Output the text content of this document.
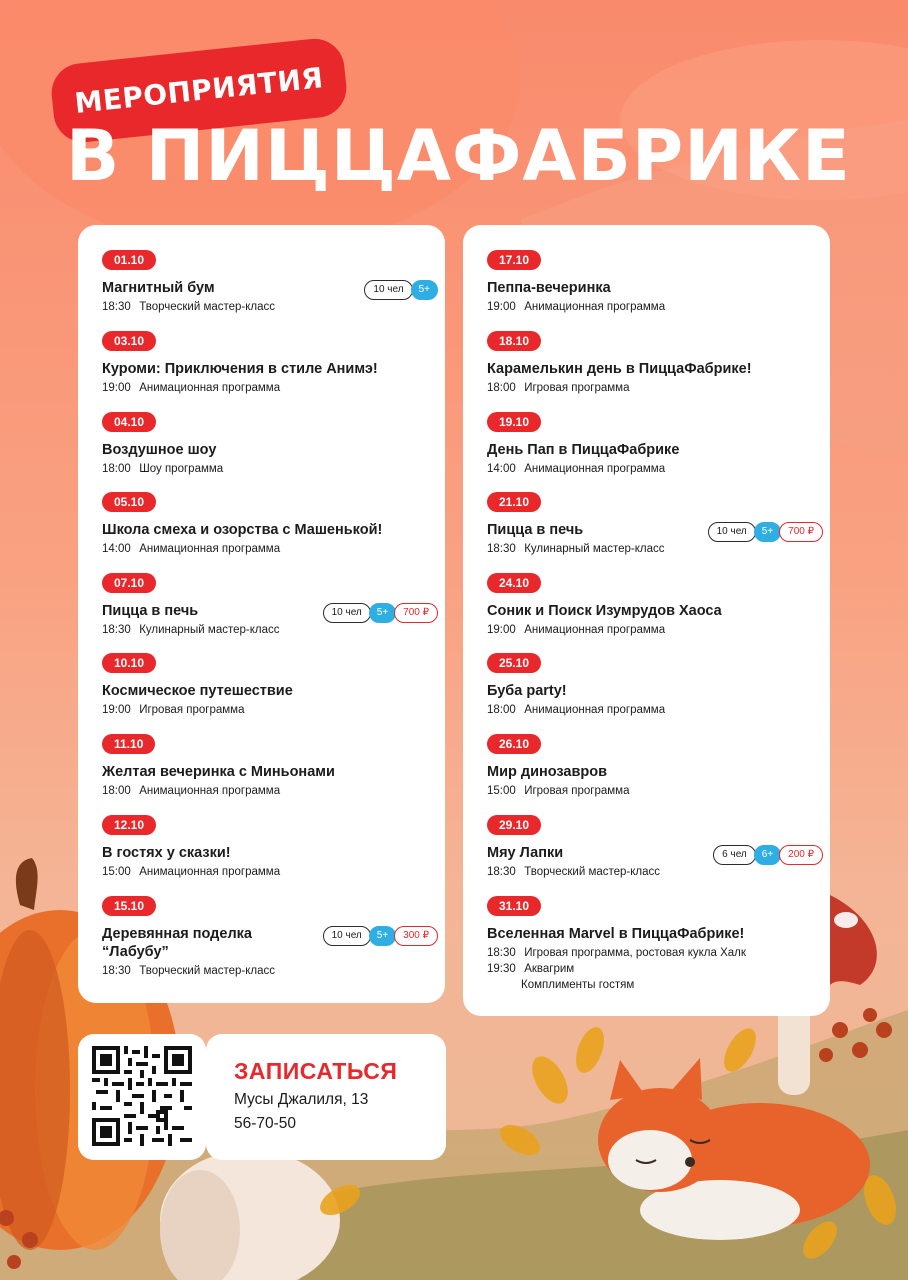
МЕРОПРИЯТИЯ
В ПИЦЦАФАБРИКЕ
01.10
Магнитный бум
18:30 Творческий мастер-класс
10 чел	5+
03.10
Куроми: Приключения в стиле Анимэ!
19:00 Анимационная программа
04.10
Воздушное шоу
18:00 Шоу программа
05.10
Школа смеха и озорства с Машенькой!
14:00 Анимационная программа
07.10
Пицца в печь
18:30 Кулинарный мастер-класс
10 чел	5+	700 ₽
10.10
Космическое путешествие
19:00 Игровая программа
11.10
Желтая вечеринка с Миньонами
18:00 Анимационная программа
12.10
В гостях у сказки!
15:00 Анимационная программа
15.10
Деревянная поделка “Лабубу”
18:30 Творческий мастер-класс
10 чел	5+	300 ₽
17.10
Пеппа-вечеринка
19:00 Анимационная программа
18.10
Карамелькин день в ПиццаФабрике!
18:00 Игровая программа
19.10
День Пап в ПиццаФабрике
14:00 Анимационная программа
21.10
Пицца в печь
18:30 Кулинарный мастер-класс
10 чел	5+	700 ₽
24.10
Соник и Поиск Изумрудов Хаоса
19:00 Анимационная программа
25.10
Буба party!
18:00 Анимационная программа
26.10
Мир динозавров
15:00 Игровая программа
29.10
Мяу Лапки
18:30 Творческий мастер-класс
6 чел	6+	200 ₽
31.10
Вселенная Marvel в ПиццаФабрике!
18:30 Игровая программа, ростовая кукла Халк
19:30 Аквагрим
Комплименты гостям
ЗАПИСАТЬСЯ
Мусы Джалиля, 13
56-70-50
